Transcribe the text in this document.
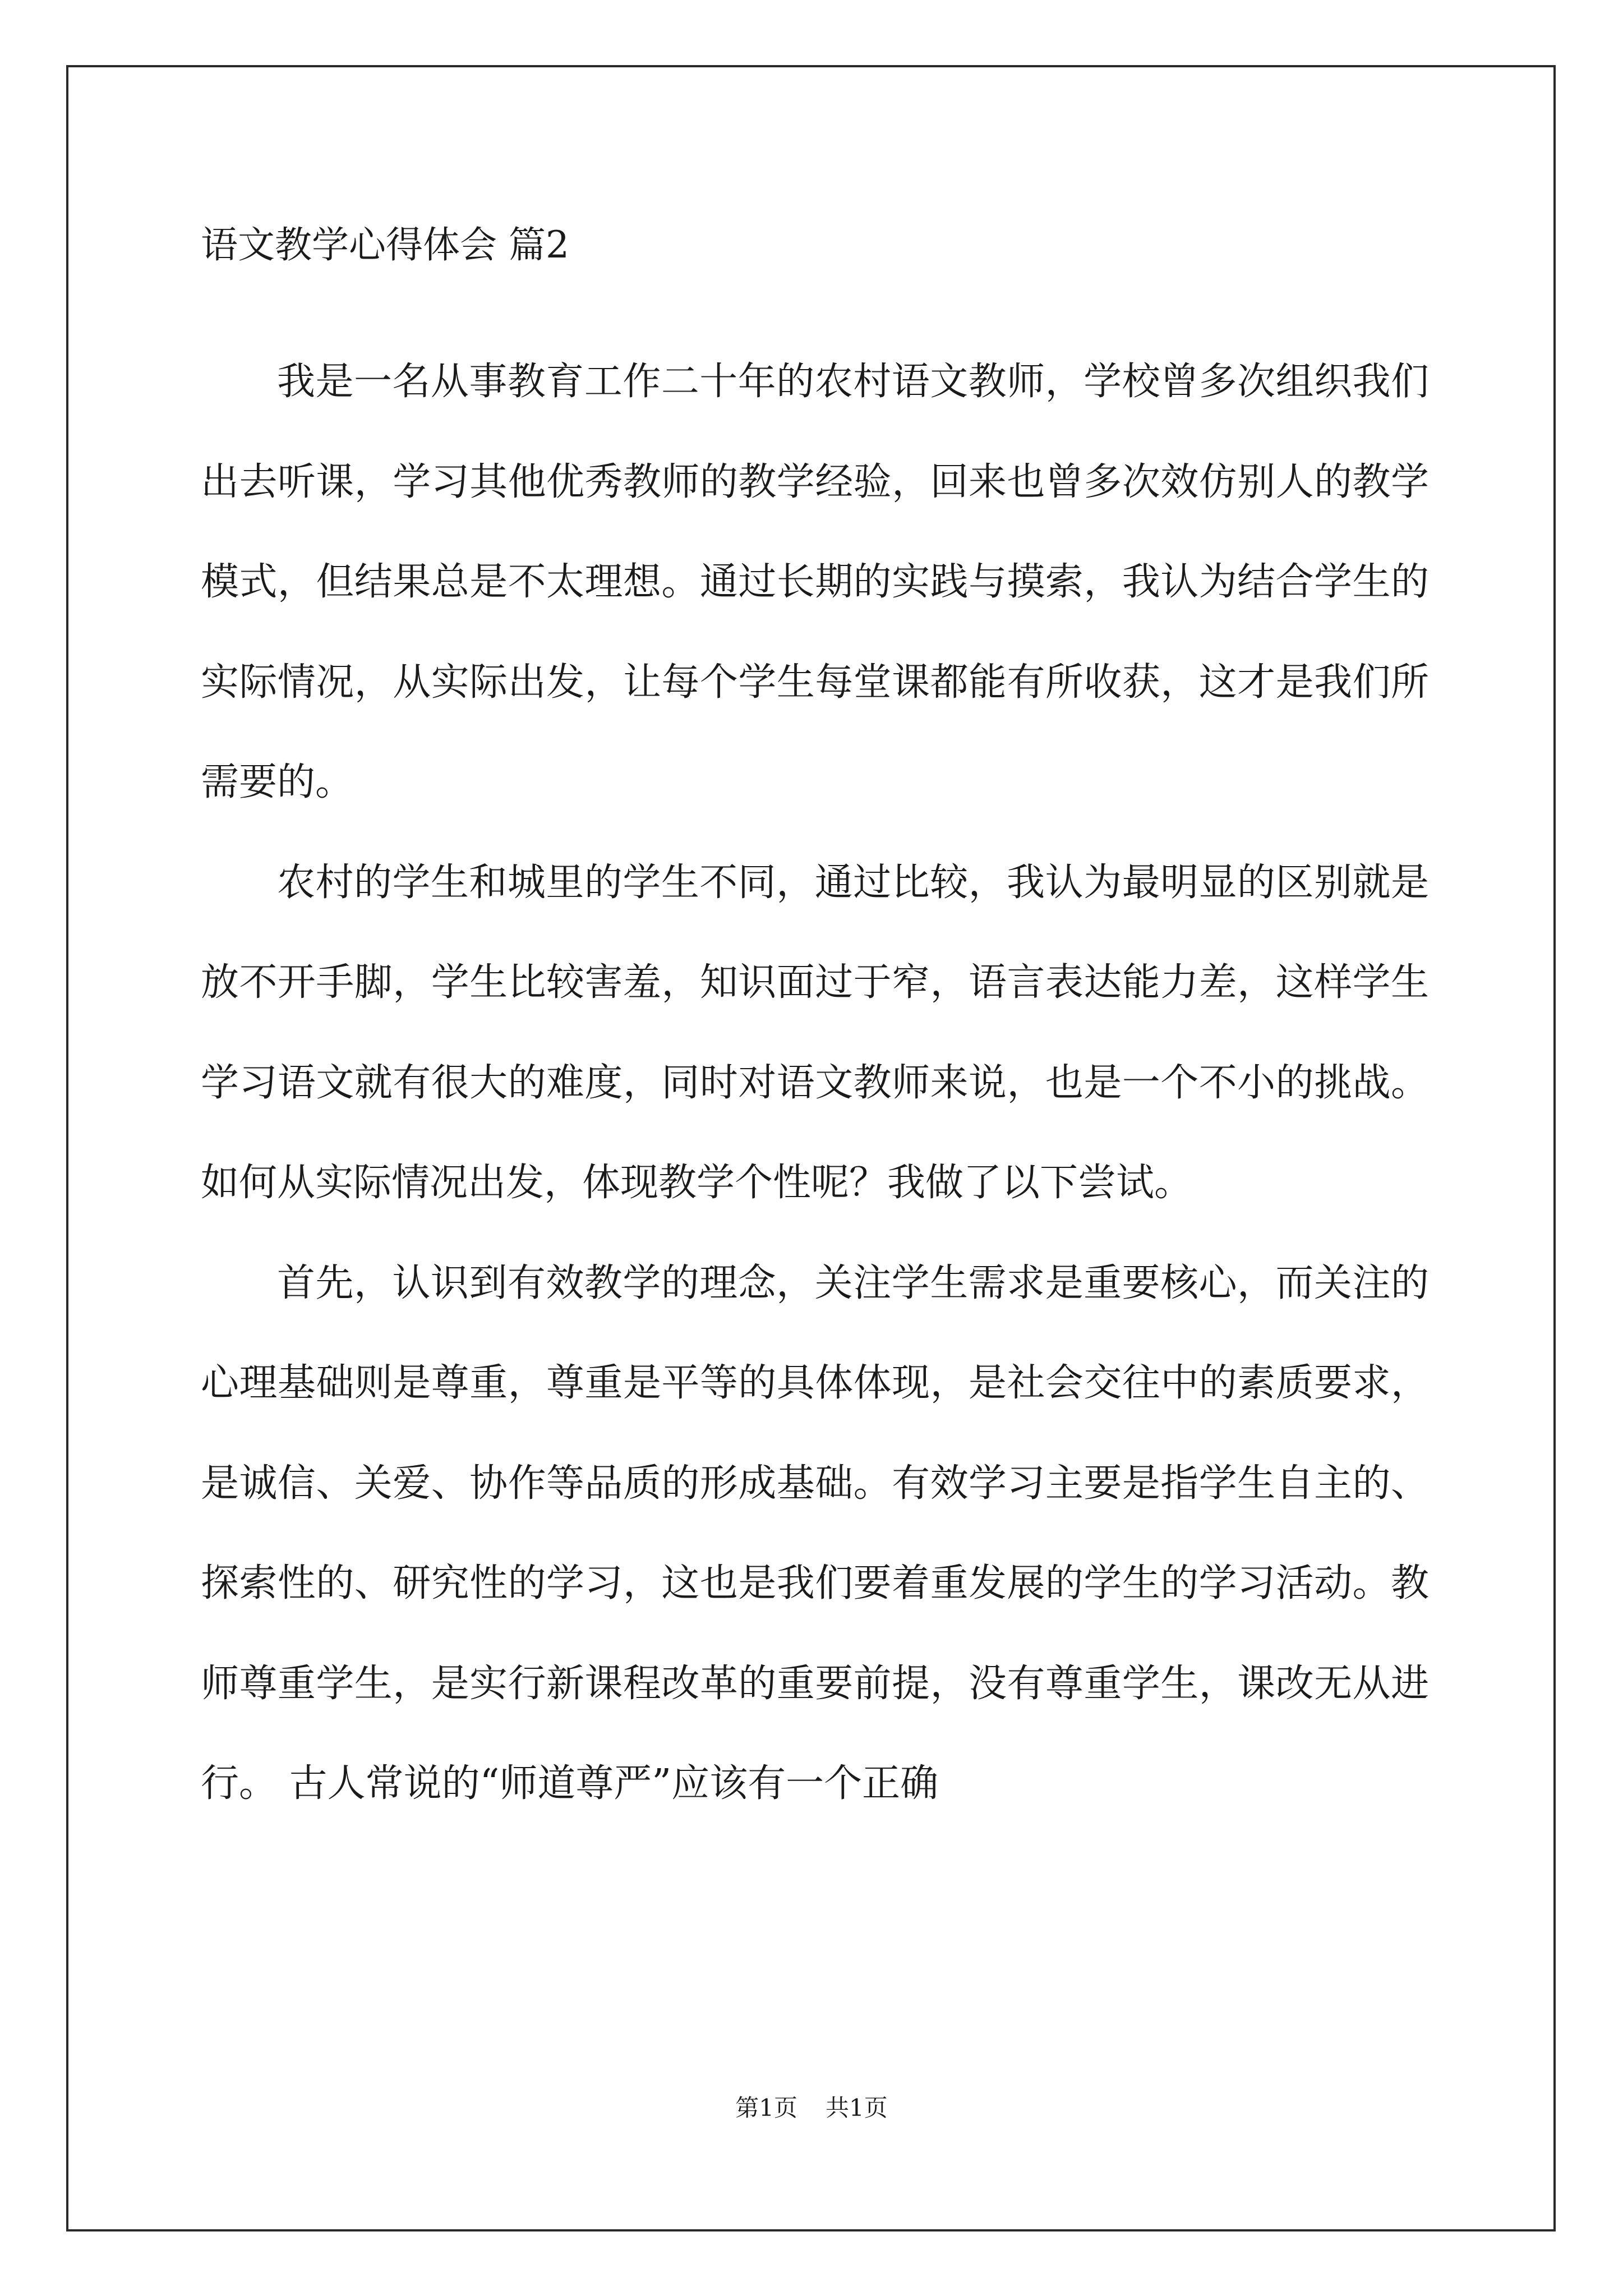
语文教学心得体会 篇2

我是一名从事教育工作二十年的农村语文教师，学校曾多次组织我们出去听课，学习其他优秀教师的教学经验，回来也曾多次效仿别人的教学模式，但结果总是不太理想。通过长期的实践与摸索，我认为结合学生的实际情况，从实际出发，让每个学生每堂课都能有所收获，这才是我们所需要的。

农村的学生和城里的学生不同，通过比较，我认为最明显的区别就是放不开手脚，学生比较害羞，知识面过于窄，语言表达能力差，这样学生学习语文就有很大的难度，同时对语文教师来说，也是一个不小的挑战。如何从实际情况出发，体现教学个性呢？我做了以下尝试。

首先，认识到有效教学的理念，关注学生需求是重要核心，而关注的心理基础则是尊重，尊重是平等的具体体现，是社会交往中的素质要求，是诚信、关爱、协作等品质的形成基础。有效学习主要是指学生自主的、探索性的、研究性的学习，这也是我们要着重发展的学生的学习活动。教师尊重学生，是实行新课程改革的重要前提，没有尊重学生，课改无从进行。 古人常说的“师道尊严”应该有一个正确

第1页 共1页
